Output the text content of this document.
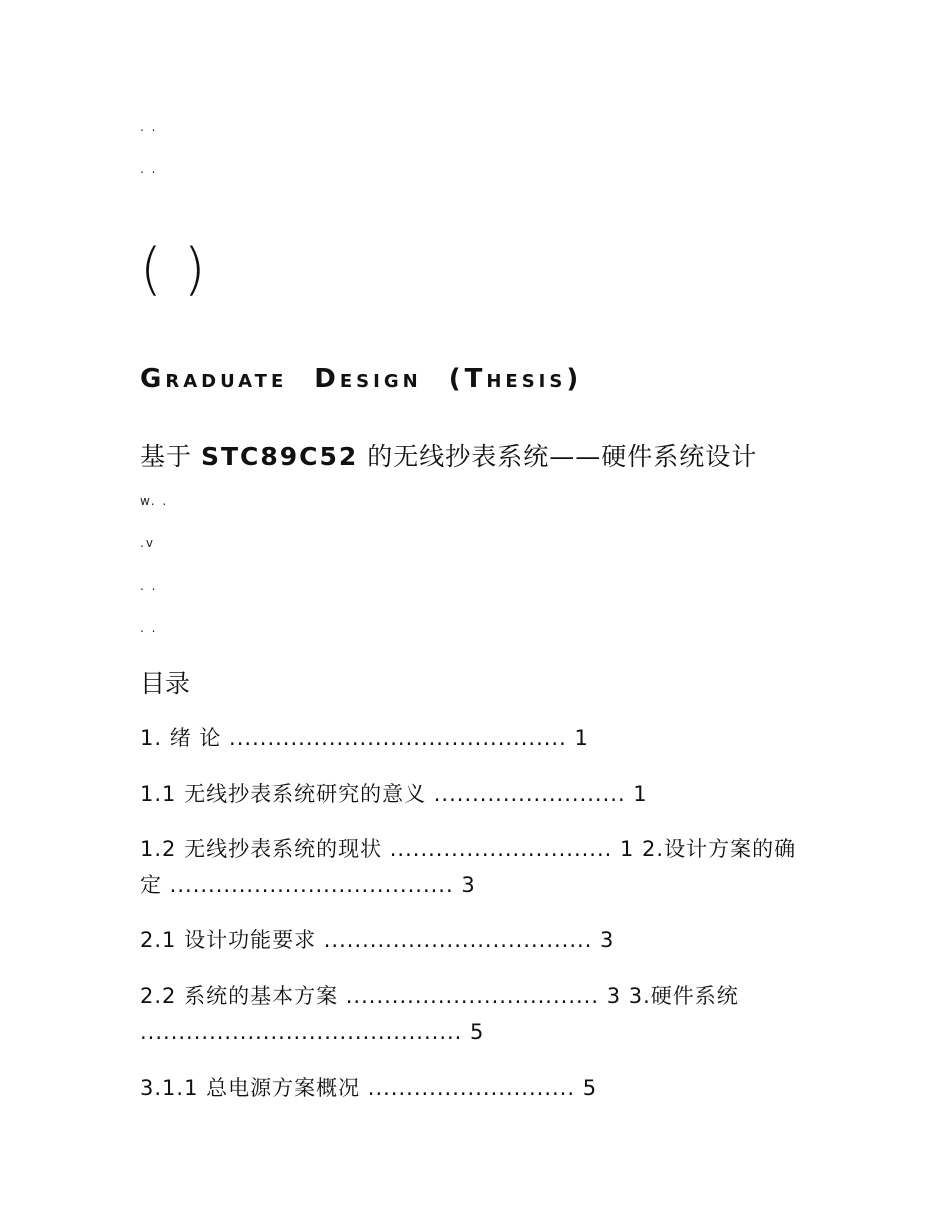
. .
. .
( )
Graduate Design (Thesis)
基于 STC89C52 的无线抄表系统——硬件系统设计
w. .
.v
. .
. .
目录
1. 绪 论 ............................................ 1
1.1 无线抄表系统研究的意义 ......................... 1
1.2 无线抄表系统的现状 ............................. 1 2.设计方案的确定 ..................................... 3
2.1 设计功能要求 ................................... 3
2.2 系统的基本方案 ................................. 3 3.硬件系统 .......................................... 5
3.1.1 总电源方案概况 ........................... 5
